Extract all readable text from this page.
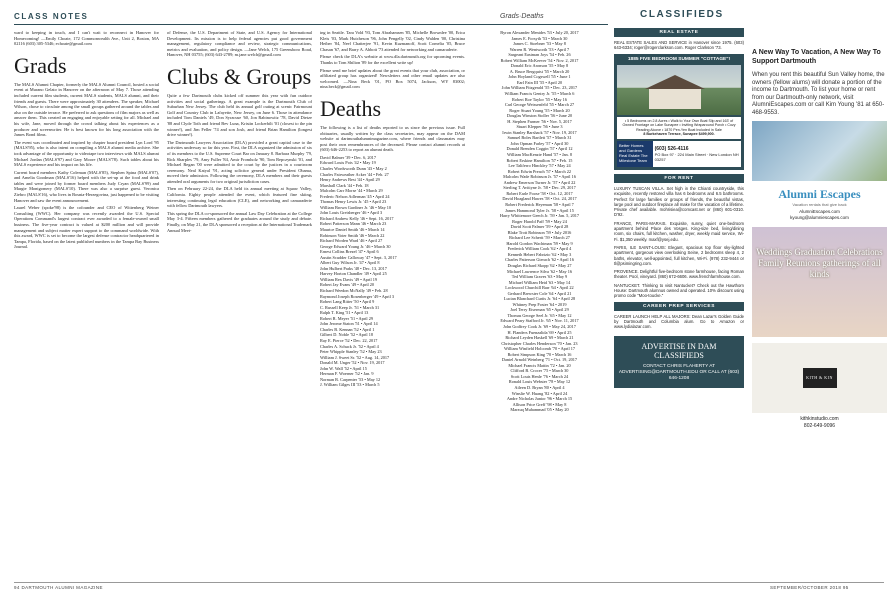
CLASS NOTES	Grads·Deaths	CLASSIFIEDS

ward to keeping in touch, and I can't wait to reconnect in Hanover for Homecoming! —Emily Choate, 172 Commonwealth Ave., Unit 2, Boston, MA 02116 (603) 305-5346; echoate@gmail.com

Grads

The MALS Alumni Chapter, formerly the MALS Alumni Council, hosted a social event at Murano Gelato in Hanover on the afternoon of May 7. Those attending included current film students, current MALS students, MALS alumni, and their friends and guests. There were approximately 30 attendees. The speaker, Michael Wilson, chose to circulate among the small groups gathered around the tables and also on the outside terrace. He preferred to ask questions of film majors as well as answer them. This created an engaging and enjoyable setting for all. Michael and his wife, Jane, moved through the crowd talking about his experiences as a producer and screenwriter. He is best known for his long association with the James Bond films.

The event was coordinated and inspired by chapter board president Lyn Lord '95 (MALS'95), who is also intent on compiling a MALS alumni media archive. She took advantage of the opportunity to videotape two interviews with MALS alumni Michael Jordan (MALS'97) and Gary Moore (MALS'78). Such tables about his MALS experience and his impact on his life.

Current board members Kathy Coleman (MALS'85), Stephen Spina (MALS'07), and Amelia Goodman (MALS'16) helped with the set-up at the food and drink tables and were joined by former board members Judy Cryan (MALS'99) and Margie Montgomery (MALS'10). There was also a surprise guest. Veronica Ziebro (MALS'16), who lives in Bosnia-Herzegovina, just happened to be visiting Hanover and saw the event announcement.

Laurel Weber (spoke'98) is the cofounder and CEO of Wittenberg Weiner Consulting (WWC). Her company was recently awarded the U.S. Special Operations Command's largest contract ever awarded to a female-owned small business. The five-year contract is valued at $200 million and will provide management and subject matter expert support to the command worldwide. With this award, WWC is set to become the largest defense contractor headquartered in Tampa, Florida, based on the latest published numbers in the Tampa Bay Business Journal.

of Defense, the U.S. Department of State, and U.S. Agency for International Development. Its mission is to help federal agencies put good government management, regulatory compliance and review, strategic communications, metrics and evaluation, and policy design. —Jane Welch, 175 Greensboro Road, Hanover, NH 03755; (603) 643-2789; m.jane.welch@gmail.com

Clubs & Groups

Quite a few Dartmouth clubs kicked off summer this year with fun outdoor activities and social gatherings. A great example is the Dartmouth Club of Suburban New Jersey. The club held its annual golf outing at scenic Fairmount Golf and Country Club in Lafayette, New Jersey, on June 6. Those in attendance included Tom Daniels '49, Don Syracuse '60, Jon Rabinowitz '78, David Dietze '88 and Clyde Toth and friend Bev Luna, Kristin Lockerbilt '01 (closest to the pin winner!), and Jim Feller '74 and son Josh, and friend Brian Hamilton (longest drive winner!).

The Dartmouth Lawyers Association (DLA) provided a great capital case to the activities underway so far this year. First, the DLA organized the admission of six of its members to the U.S. Supreme Court Bar on January 8. Barbara Murphy '79, Rick Sharples '79, Amy Fuller '84, Amir Fromholz '90, Tom Repczynski '01, and Michael Regan '00 were admitted to the court by the justices in a courtroom ceremony. Neal Katyal '91, acting solicitor general under President Obama, moved their admission. Following the ceremony, DLA members and their guests attended oral arguments for two original jurisdiction cases.

Then on February 22-24, the DLA held its annual meeting at Squaw Valley, California. Eighty people attended the event, which featured fine skiing, interesting continuing legal education (CLE), and networking and camaraderie with fellow Dartmouth lawyers.

This spring the DLA co-sponsored the annual Law Day Celebration at the College May 3-4. Fifteen members gathered the graduates around the study and debate. Finally, on May 21, the DLA sponsored a reception at the International Trademark Annual Meet-

ing in Seattle. Tara Vold '93, Tom Abrahamsen '85, Michelle Brownlee '00, Erica Kleis '03, Mark Hutcheson '96, John Pengelly '02, Cindy Walden '00, Christina Heiber '84, Neel Chatterjee '91, Kevin Kuzmanoff, Scott Cornelia '05, Bruce Chasan '67, and Barry A. Abbott '73 attended for networking and camaraderie.

Please check the DLA's website at www.dla.dartmouth.org for upcoming events. Thanks to Tom Shilton '89 for the excellent write up!

Please send me brief updates about the great events that your club, association, or affiliated group has organized! Newsletters and other email updates are also welcomed. —Nina Beck '01, PO Box 5074, Jackson, WY 83002; nina.beck@gmail.com

Deaths

The following is a list of deaths reported to us since the previous issue. Full obituaries, usually written by the class secretaries, may appear on the DAM website at dartmouthalumnimagazine.com, where friends and classmates may post their own remembrances of the deceased. Please contact alumni records at (603) 646-2253 to report an alumni death.

David Balmer '39 • Dec. 6, 2017
Edward Louis Pois '42 • May 19
Charles Wordsworth Dunn '43 • May 2
Charles Fairweather Acker '44 • Feb. 27
Henry Andrews Best '44 • April 29
Marshall Clark '44 • Feb. 18
Malcolm Carr Morse '44 • March 29
Frederic Nelson Adlerman '45 • April 24
Thomas Henry Lewis Jr. '45 • April 23
William Brown Gardiner Jr. '46 • May 10
John Louis Greisberger '46 • April 3
Richard Andrew Kelly '46 • Sept. 16, 2017
Robert Patterson Mann '46 • March 23
Maurice Daniel Smith '46 • March 14
Robinson Voter Smith '46 • March 22
Richard Worden Ward '46 • April 27
George Edward Young Jr. '46 • March 30
Ernest Collins Brezel '47 • April 6
Austin Scudder Calloway '47 • Sept. 3, 2017
Albert Guy Wilson Jr. '47 • April 8
John Hulbert Parks '48 • Dec. 13, 2017
Harvey Horton Chandler '49 • April 25
William Rex Davis '49 • April 19
Robert Jay Evans '49 • April 20
Richard Weedon McNally '49 • Feb. 28
Raymond Joseph Rosenberger '49 • April 3
Robert Lang Ritter '50 • April 9
C. Russell Keep Jr. '51 • March 31
Ralph T. King '51 • April 13
Robert R. Meyer '51 • April 29
John Jerome Staton '51 • April 14
Charles B. Kennan '52 • April 1
Gilbert D. Noble '52 • April 18
Ray E. Pierce '52 • Dec. 22, 2017
Charles A. Schuck Jr. '52 • April 4
Peter Whipple Stanley '52 • May 23
William J. Sweet Sr. '52 • Aug. 14, 2017
Donald M. Unger '52 • Nov. 19, 2017
John W. Wall '52 • April 15
Herman F. Woerner '52 • Jan. 9
Norman R. Carpenter '53 • May 12
J. William Gilges III '53 • March 5
Byron Alexander Menides '53 • July 20, 2017
James E. Forsyth '53 • March 30
James C. Stoebner '53 • May 8
Warren R. Wentworth '53 • April 7
Sargeant Eastman Joys '54 • Feb. 26
Robert William McKeever '54 • Nov. 2, 2017
Donald Eric Aronson '55 • May 8
A. Bruce Bergquist '55 • March 20
John Hoyland Cogswell '55 • June 1
Earl Fain III '55 • April 20
John William Fitzgerald '55 • Dec. 23, 2017
William Francis Gentry Jr. '55 • March 6
Robert Roe Taylor '55 • May 16
Carl George Weissenfeld '55 • March 27
Roger Stuart Young '55 • March 20
Douglas Winston Stoller '56 • June 20
H. Stephen Farmer '56 • Nov. 5, 2017
Stuart Klepper '56 • June 3
Irwin Stanley Barshack '57 • Nov. 19, 2017
Samuel Boles Bartlett '57 • March 31
John Opman Farley '57 • April 30
Donald Brenden Coggin '57 • April 12
William MacKenzie Hand '57 • Jan. 8
Robert Erskine Hamilton '57 • Feb. 15
Lee Taliferro Hinckley '57 • May 24
Robert Edwin Preach '57 • March 22
Malcolm Wade Robinson Jr. '57 • April 16
Andrew Emerson Turner Jr. '57 • April 22
Sterling T. Avitiyne Jr. '58 • Dec. 29, 2017
Robert Earle Foose '58 • Oct. 12, 2017
David Hoagland Hawes '58 • Oct. 24, 2017
Robert Frederick Heyeman '58 • April 7
James Hammond Tyler Jr. '58 • April 15
Harry Whittemore Geech Jr. '59 • Jan. 5, 2017
Roger Harold Paff '59 • May 24
David Scott Palmer '59 • April 28
Blake Trott Robinson '59 • July 2016
Richard Lee Schertt '59 • March 27
Harold Gordon Wachtman '59 • May 9
Frederick William Cook '62 • April 4
Kenneth Hebert Fabrizio '62 • May 3
Charles Patterson Gierach '62 • April 16
Douglas Richard Skopp '62 • May 27
Michael Lawrence Silva '62 • May 16
Ted William Graves '63 • May 9
Michael William Heid '63 • May 14
Lockwood Churchill Barr '64 • April 22
Gerhard Brewster Cole '64 • April 21
Lucian Blanchard Curtis Jr. '64 • April 28
Whitney Prep Foster '64 • 2019
Joel Terry Eiserman '65 • April 29
Thomas George Seel Jr. '65 • May 12
Edward Peary Stafford Jr. '65 • Nov. 11, 2017
John Godfrey Cook Jr. '69 • May 24, 2017
H. Flanders Fuenzalida '69 • April 25
Richard Leyden Haskell '69 • March 21
Christopher Charles Henderson '70 • Jan. 23
William Winfield Holcomb '70 • April 17
Robert Simpson King '70 • March 16
Daniel Arnold Weinberg '71 • Oct. 19, 2017
Michael Francis Mattin '72 • Jan. 20
Clifford B. Crocer '75 • March 30
Scott Louis Henle '76 • March 24
Ronald Louis Webster '78 • May 12
Aileen D. Bryan '80 • April 4
Winslie W. Huang '82 • April 24
Andre Nicholas Junior '96 • March 15
Allison Price Greff '98 • May 8
Marzuq Muhammad '05 • May 20
REAL ESTATE
REAL ESTATE SALES AND SERVICE in Hanover since 1975. (603) 643-6334; roger@rogerclarkson.com. Roger Clarkson '73.
1885 FIVE BEDROOM SUMMER "COTTAGE"!
• 5 Bedrooms on 2.8 Acres • Walk to Your Own Boat Slip and 163' of Owned Frontage on Lake Sunapee • Inviting Wraparound Porch • Cozy Reading Alcove • 1870 Pen-Yen Boat Included in Sale
8 Burkehaven Terrace, Sunapee $499,900.
Better Homes and Gardens Real Estate The Milestone Team
(603) 526-4116
PO Box 97 · 224 Main Street · New London NH 03257
FOR RENT
LUXURY TUSCAN VILLA. Set high in the Chianti countryside, this exquisite, recently restored villa has 6 bedrooms and 6.5 bathrooms. Perfect for large families or groups of friends, the beautiful vistas, large pool and outdoor fireplace all make for the vacation of a lifetime. Private chef available. mohrisiea@comcast.net or (860) 601-0310. D'92.
FRANCE, PARIS-MARAIS. Exquisite, sunny, quiet one-bedroom apartment behind Place des Vosges. King-size bed, living/dining room, six chairs, full kitchen, washer, dryer, weekly maid service, Wi-Fi. $1,350 weekly. maxf@ysej.edu.
PARIS, ILE SAINT-LOUIS: Elegant, spacious top floor sky-lighted apartment, gorgeous view overlooking Seine, 2 bedrooms sleep 4, 2 baths, elevator, well-appointed, full kitchen, Wi-Fi. (978) 232-9444 or tl@psimingring.com.
PROVENCE. Delightful five-bedroom stone farmhouse, facing Roman theater. Pool, vineyard. (860) 672-6606. www.frenchfarmhouse.com.
NANTUCKET. Thinking to visit Nantucket? Check out the Hawthorn House: Dartmouth alumnus owned and operated. 10% discount using promo code "Moo-toucke."
CAREER PREP SERVICES
CAREER LAUNCH HELP ALL MAJORS: Dean Lazar's Golden Guide by Dartmouth and Columbia alum. Go to Amazon or www.lydialazar.com.
ADVERTISE IN DAM CLASSIFIEDS
CONTACT CHRIS FLAHERTY AT ADVERTISING@DARTMOUTH.EDU OR CALL AT (603) 646-1208
A New Way To Vacation, A New Way To Support Dartmouth
When you rent this beautiful Sun Valley home, the owners (fellow alums) will donate a portion of the income to Dartmouth. To list your home or rent from our Dartmouth-only network, visit AlumniEscapes.com or call Kim Young '81 at 650-468-9553.
Alumni Escapes
Vacation rentals that give back
AlumniEscapes.com
kyoung@alumniescapes.com
Weddings Graduation Celebrations Family Reunions gatherings of all kinds
KITH & KIN
kithkinstudio.com
802-649-9096
94 DARTMOUTH ALUMNI MAGAZINE	SEPTEMBER/OCTOBER 2018 95
